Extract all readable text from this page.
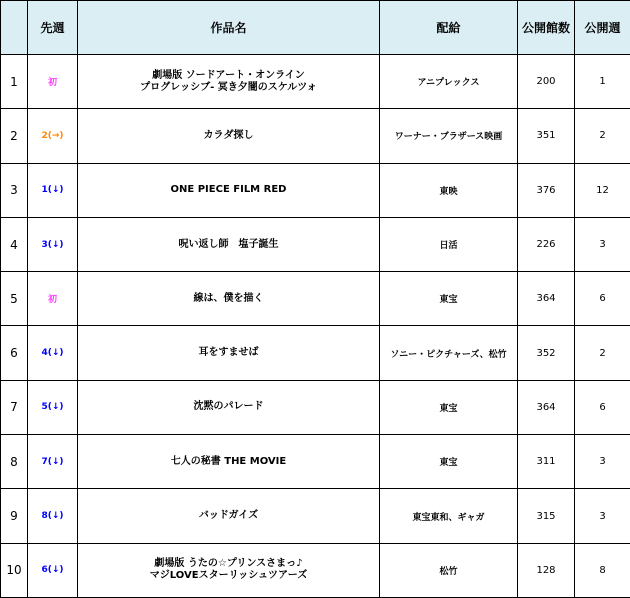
	先週	作品名	配給	公開館数	公開週
1	初	劇場版 ソードアート・オンライン
プログレッシブ- 冥き夕闇のスケルツォ	アニプレックス	200	1
2	2(→)	カラダ探し	ワーナー・ブラザース映画	351	2
3	1(↓)	ONE PIECE FILM RED	東映	376	12
4	3(↓)	呪い返し師　塩子誕生	日活	226	3
5	初	線は、僕を描く	東宝	364	6
6	4(↓)	耳をすませば	ソニー・ピクチャーズ、松竹	352	2
7	5(↓)	沈黙のパレード	東宝	364	6
8	7(↓)	七人の秘書 THE MOVIE	東宝	311	3
9	8(↓)	バッドガイズ	東宝東和、ギャガ	315	3
10	6(↓)	劇場版 うたの☆プリンスさまっ♪
マジLOVEスターリッシュツアーズ	松竹	128	8
